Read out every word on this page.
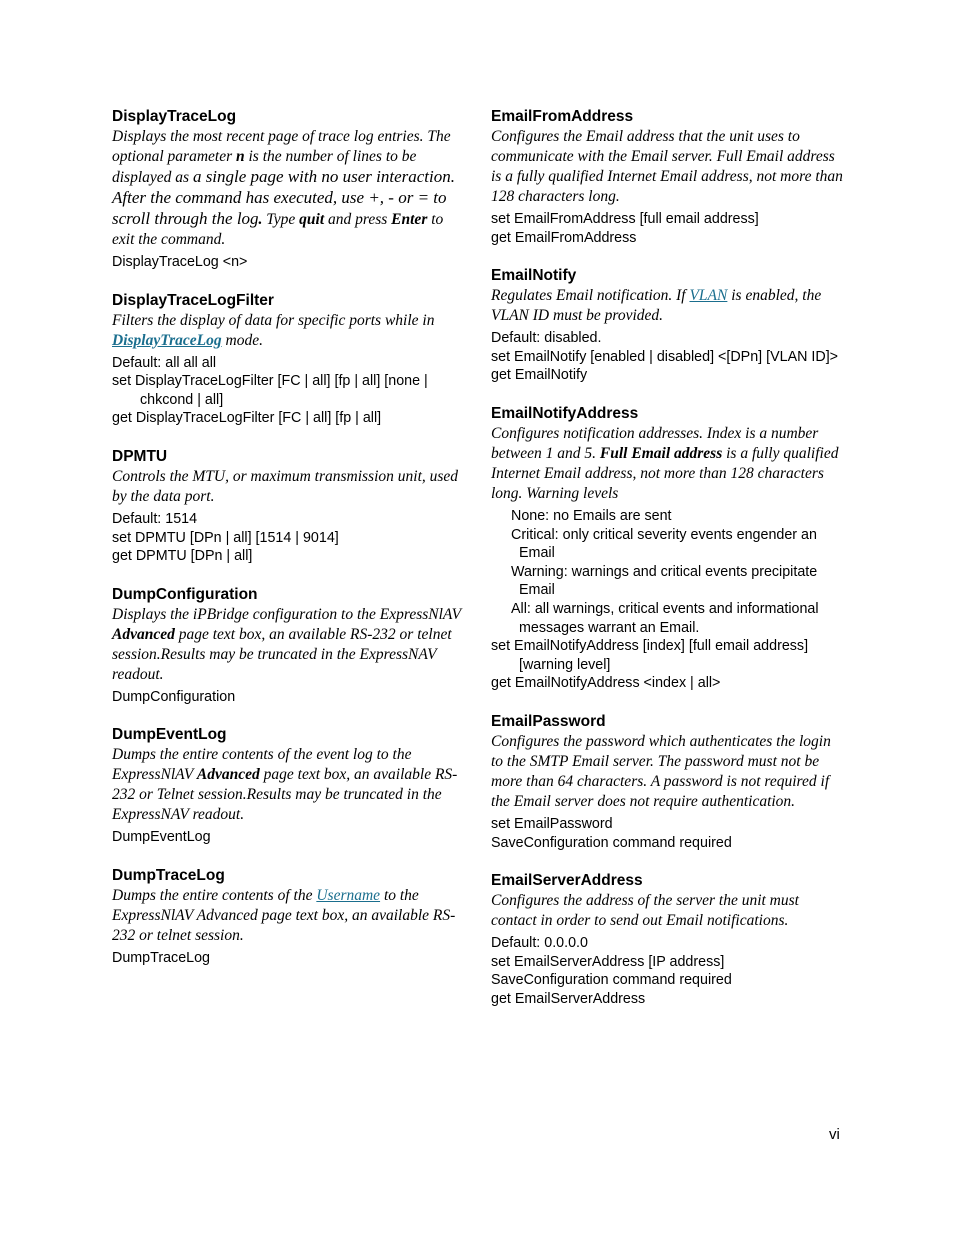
DisplayTraceLog

Displays the most recent page of trace log entries. The optional parameter n is the number of lines to be displayed as a single page with no user interaction. After the command has executed, use +, - or = to scroll through the log. Type quit and press Enter to exit the command.

DisplayTraceLog <n>

DisplayTraceLogFilter

Filters the display of data for specific ports while in DisplayTraceLog mode.

Default: all all all

set DisplayTraceLogFilter [FC | all] [fp | all] [none |

chkcond | all]

get DisplayTraceLogFilter [FC | all] [fp | all]

DPMTU

Controls the MTU, or maximum transmission unit, used by the data port.

Default: 1514

set DPMTU [DPn | all] [1514 | 9014]

get DPMTU [DPn | all]

DumpConfiguration

Displays the iPBridge configuration to the ExpressNlAV Advanced page text box, an available RS-232 or telnet session.Results may be truncated in the ExpressNAV readout.

DumpConfiguration

DumpEventLog

Dumps the entire contents of the event log to the ExpressNlAV Advanced page text box, an available RS-232 or Telnet session.Results may be truncated in the ExpressNAV readout.

DumpEventLog

DumpTraceLog

Dumps the entire contents of the Username to the ExpressNlAV Advanced page text box, an available RS-232 or telnet session.

DumpTraceLog

EmailFromAddress

Configures the Email address that the unit uses to communicate with the Email server. Full Email address is a fully qualified Internet Email address, not more than 128 characters long.

set EmailFromAddress [full email address]

get EmailFromAddress

EmailNotify

Regulates Email notification. If VLAN is enabled, the VLAN ID must be provided.

Default: disabled.

set EmailNotify [enabled | disabled] <[DPn] [VLAN ID]>

get EmailNotify

EmailNotifyAddress

Configures notification addresses. Index is a number between 1 and 5. Full Email address is a fully qualified Internet Email address, not more than 128 characters long. Warning levels

None: no Emails are sent

Critical: only critical severity events engender an

Email

Warning: warnings and critical events precipitate

Email

All: all warnings, critical events and informational

messages warrant an Email.

set EmailNotifyAddress [index] [full email address]

[warning level]

get EmailNotifyAddress <index | all>

EmailPassword

Configures the password which authenticates the login to the SMTP Email server. The password must not be more than 64 characters. A password is not required if the Email server does not require authentication.

set EmailPassword

SaveConfiguration command required

EmailServerAddress

Configures the address of the server the unit must contact in order to send out Email notifications.

Default: 0.0.0.0

set EmailServerAddress [IP address]

SaveConfiguration command required

get EmailServerAddress

vi
